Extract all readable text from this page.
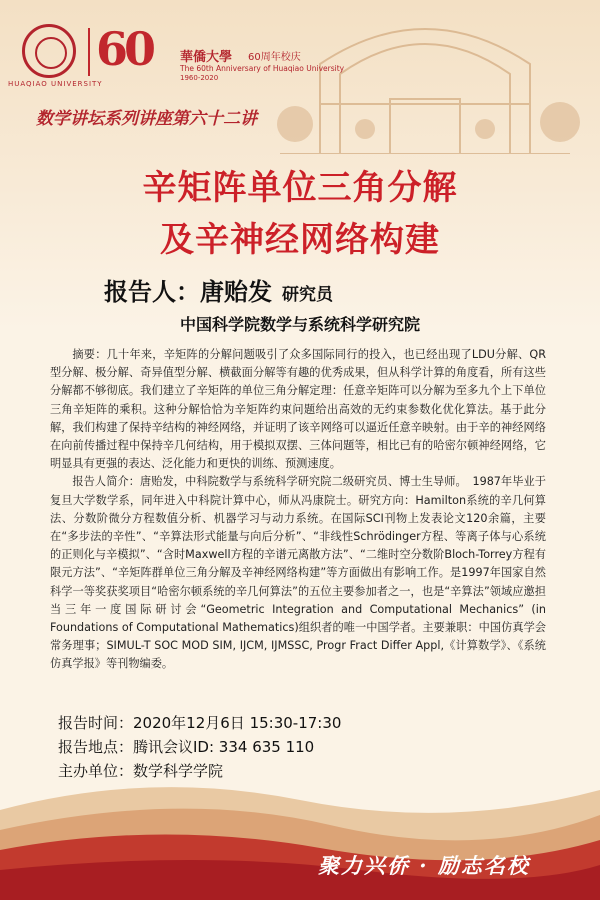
HUAQIAO UNIVERSITY
60 華僑大學 60周年校庆
The 60th Anniversary of Huaqiao University
1960-2020
数学讲坛系列讲座第六十二讲
辛矩阵单位三角分解
及辛神经网络构建
报告人：唐贻发 研究员
中国科学院数学与系统科学研究院

摘要：几十年来，辛矩阵的分解问题吸引了众多国际同行的投入，也已经出现了LDU分解、QR型分解、极分解、奇异值型分解、横截面分解等有趣的优秀成果，但从科学计算的角度看，所有这些分解都不够彻底。我们建立了辛矩阵的单位三角分解定理：任意辛矩阵可以分解为至多九个上下单位三角辛矩阵的乘积。这种分解恰恰为辛矩阵约束问题给出高效的无约束参数化优化算法。基于此分解，我们构建了保持辛结构的神经网络，并证明了该辛网络可以逼近任意辛映射。由于辛的神经网络在向前传播过程中保持辛几何结构，用于模拟双摆、三体问题等，相比已有的哈密尔顿神经网络，它明显具有更强的表达、泛化能力和更快的训练、预测速度。

报告人简介：唐贻发，中科院数学与系统科学研究院二级研究员、博士生导师。　1987年毕业于复旦大学数学系，同年进入中科院计算中心，师从冯康院士。研究方向：Hamilton系统的辛几何算法、分数阶微分方程数值分析、机器学习与动力系统。在国际SCI刊物上发表论文120余篇，主要在“多步法的辛性”、“辛算法形式能量与向后分析”、“非线性Schrödinger方程、等离子体与心系统的正则化与辛模拟”、“含时Maxwell方程的辛谱元离散方法”、“二维时空分数阶Bloch-Torrey方程有限元方法”、“辛矩阵群单位三角分解及辛神经网络构建”等方面做出有影响工作。是1997年国家自然科学一等奖获奖项目“哈密尔顿系统的辛几何算法”的五位主要参加者之一，也是“辛算法”领域应邀担当三年一度国际研讨会“Geometric Integration and Computational Mechanics” (in Foundations of Computational Mathematics)组织者的唯一中国学者。主要兼职：中国仿真学会常务理事；SIMUL-T SOC MOD SIM, IJCM, IJMSSC, Progr Fract Differ Appl,《计算数学》、《系统仿真学报》等刊物编委。

报告时间：2020年12月6日 15:30-17:30
报告地点：腾讯会议ID: 334 635 110
主办单位：数学科学学院
聚力兴侨 · 励志名校
